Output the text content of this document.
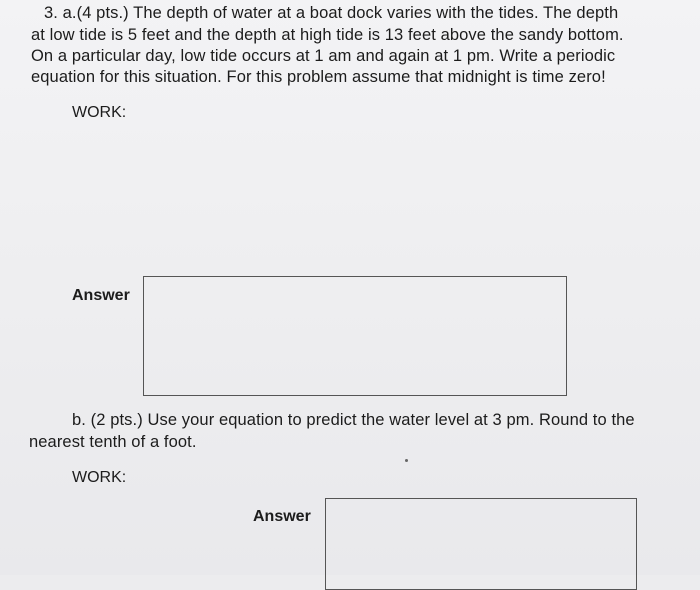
3. a.(4 pts.) The depth of water at a boat dock varies with the tides. The depth
at low tide is 5 feet and the depth at high tide is 13 feet above the sandy bottom.
On a particular day, low tide occurs at 1 am and again at 1 pm. Write a periodic
equation for this situation. For this problem assume that midnight is time zero!
WORK:
Answer
b. (2 pts.) Use your equation to predict the water level at 3 pm. Round to the
nearest tenth of a foot.
WORK:
Answer
